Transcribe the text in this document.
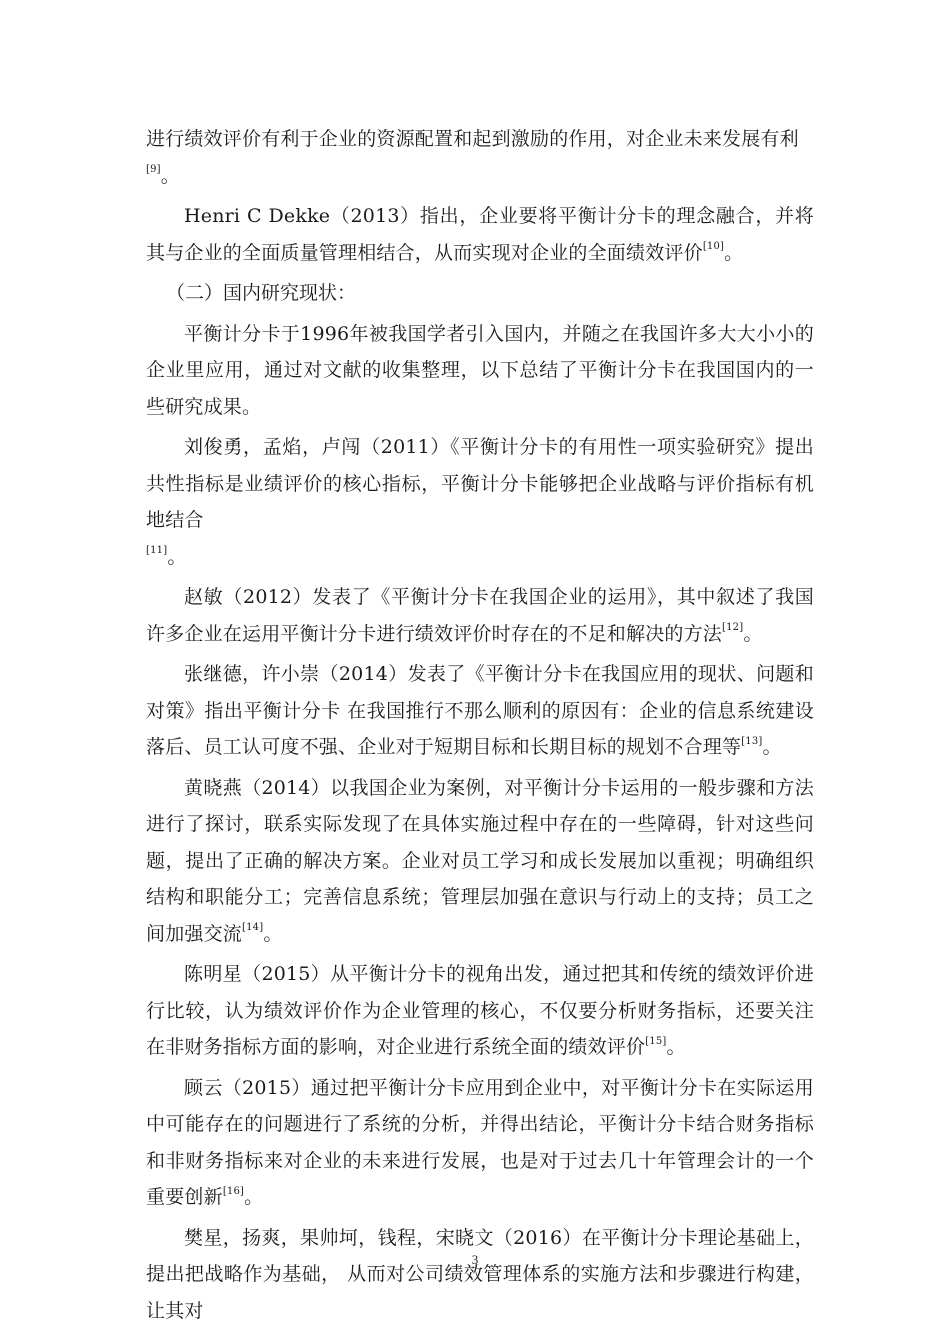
进行绩效评价有利于企业的资源配置和起到激励的作用，对企业未来发展有利
[9]。

Henri C Dekke（2013）指出，企业要将平衡计分卡的理念融合，并将其与企业的全面质量管理相结合，从而实现对企业的全面绩效评价[10]。

（二）国内研究现状：

平衡计分卡于1996年被我国学者引入国内，并随之在我国许多大大小小的企业里应用，通过对文献的收集整理，以下总结了平衡计分卡在我国国内的一些研究成果。

刘俊勇，孟焰，卢闯（2011）《平衡计分卡的有用性一项实验研究》提出共性指标是业绩评价的核心指标，平衡计分卡能够把企业战略与评价指标有机地结合
[11]。

赵敏（2012）发表了《平衡计分卡在我国企业的运用》，其中叙述了我国许多企业在运用平衡计分卡进行绩效评价时存在的不足和解决的方法[12]。

张继德，许小崇（2014）发表了《平衡计分卡在我国应用的现状、问题和对策》指出平衡计分卡 在我国推行不那么顺利的原因有：企业的信息系统建设落后、员工认可度不强、企业对于短期目标和长期目标的规划不合理等[13]。

黄晓燕（2014）以我国企业为案例，对平衡计分卡运用的一般步骤和方法进行了探讨，联系实际发现了在具体实施过程中存在的一些障碍，针对这些问题，提出了正确的解决方案。企业对员工学习和成长发展加以重视；明确组织结构和职能分工；完善信息系统；管理层加强在意识与行动上的支持；员工之间加强交流[14]。

陈明星（2015）从平衡计分卡的视角出发，通过把其和传统的绩效评价进行比较，认为绩效评价作为企业管理的核心，不仅要分析财务指标，还要关注在非财务指标方面的影响，对企业进行系统全面的绩效评价[15]。

顾云（2015）通过把平衡计分卡应用到企业中，对平衡计分卡在实际运用中可能存在的问题进行了系统的分析，并得出结论，平衡计分卡结合财务指标和非财务指标来对企业的未来进行发展，也是对于过去几十年管理会计的一个重要创新[16]。

樊星，扬爽，果帅坷，钱程，宋晓文（2016）在平衡计分卡理论基础上，提出把战略作为基础， 从而对公司绩效管理体系的实施方法和步骤进行构建，让其对

3
